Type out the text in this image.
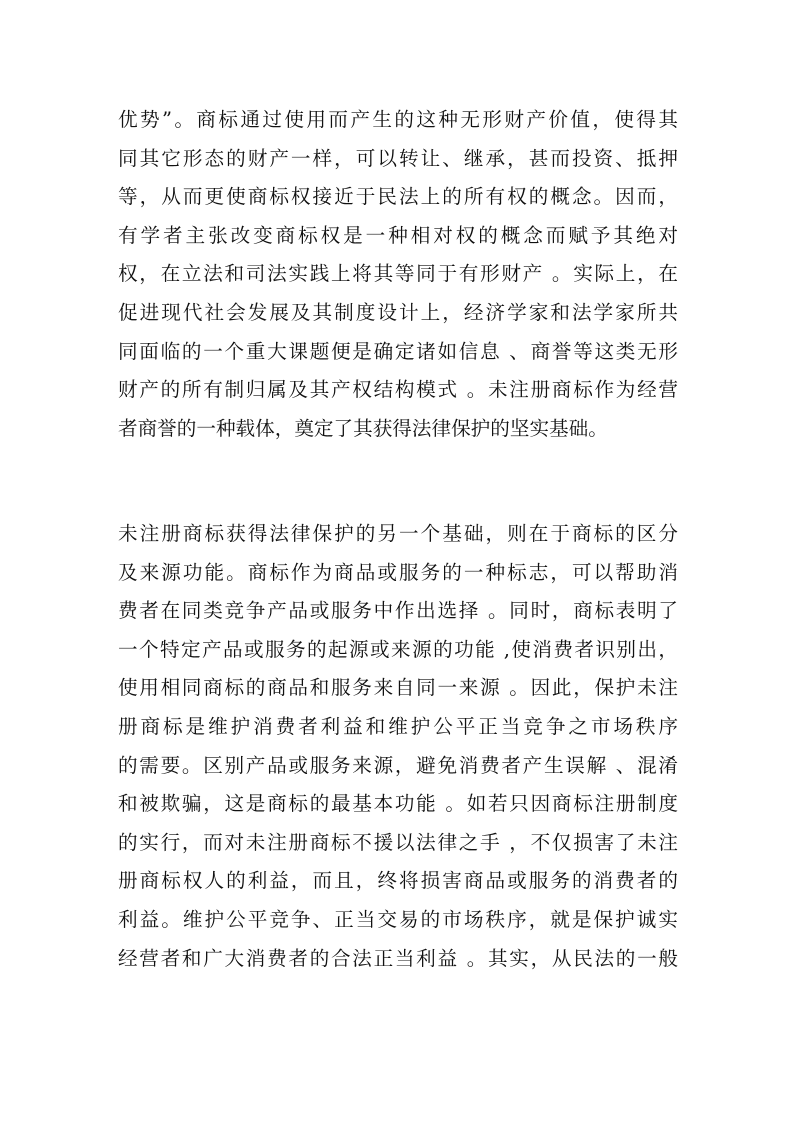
优势”。商标通过使用而产生的这种无形财产价值，使得其
同其它形态的财产一样，可以转让、继承，甚而投资、抵押
等，从而更使商标权接近于民法上的所有权的概念。因而，
有学者主张改变商标权是一种相对权的概念而赋予其绝对
权，在立法和司法实践上将其等同于有形财产 。实际上，在
促进现代社会发展及其制度设计上，经济学家和法学家所共
同面临的一个重大课题便是确定诸如信息 、商誉等这类无形
财产的所有制归属及其产权结构模式 。未注册商标作为经营
者商誉的一种载体，奠定了其获得法律保护的坚实基础。
未注册商标获得法律保护的另一个基础，则在于商标的区分
及来源功能。商标作为商品或服务的一种标志，可以帮助消
费者在同类竞争产品或服务中作出选择 。同时，商标表明了
一个特定产品或服务的起源或来源的功能 ,使消费者识别出，
使用相同商标的商品和服务来自同一来源 。因此，保护未注
册商标是维护消费者利益和维护公平正当竞争之市场秩序
的需要。区别产品或服务来源，避免消费者产生误解 、混淆
和被欺骗，这是商标的最基本功能 。如若只因商标注册制度
的实行，而对未注册商标不援以法律之手 ，不仅损害了未注
册商标权人的利益，而且，终将损害商品或服务的消费者的
利益。维护公平竞争、正当交易的市场秩序，就是保护诚实
经营者和广大消费者的合法正当利益 。其实，从民法的一般
